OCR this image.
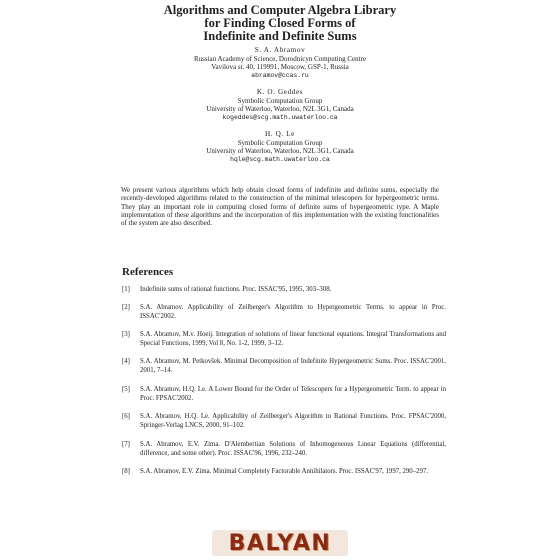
Algorithms and Computer Algebra Library
for Finding Closed Forms of
Indefinite and Definite Sums
S. A. Abramov
Russian Academy of Science, Dorodnicyn Computing Centre
Vavilova st. 40, 119991, Moscow, GSP-1, Russia
abramov@ccas.ru
K. O. Geddes
Symbolic Computation Group
University of Waterloo, Waterloo, N2L 3G1, Canada
kogeddes@scg.math.uwaterloo.ca
H. Q. Le
Symbolic Computation Group
University of Waterloo, Waterloo, N2L 3G1, Canada
hqle@scg.math.uwaterloo.ca
We present various algorithms which help obtain closed forms of indefinite and definite sums, especially the recently-developed algorithms related to the construction of the minimal telescopers for hypergeometric terms. They play an important role in computing closed forms of definite sums of hypergeometric type. A Maple implementation of these algorithms and the incorporation of this implementation with the existing functionalities of the system are also described.
References
[1] Indefinite sums of rational functions. Proc. ISSAC'95, 1995, 303–308.
[2] S.A. Abramov. Applicability of Zeilberger's Algorithm to Hypergeometric Terms. to appear in Proc. ISSAC'2002.
[3] S.A. Abramov, M.v. Hoeij. Integration of solutions of linear functional equations. Integral Transformations and Special Functions, 1999, Vol 8, No. 1-2, 1999, 3–12.
[4] S.A. Abramov, M. Petkovšek. Minimal Decomposition of Indefinite Hypergeometric Sums. Proc. ISSAC'2001, 2001, 7–14.
[5] S.A. Abramov, H.Q. Le. A Lower Bound for the Order of Telescopers for a Hypergeometric Term. to appear in Proc. FPSAC'2002.
[6] S.A. Abramov, H.Q. Le. Applicability of Zeilberger's Algorithm to Rational Functions. Proc. FPSAC'2000, Springer-Verlag LNCS, 2000, 91–102.
[7] S.A. Abramov, E.V. Zima. D'Alembertian Solutions of Inhomogeneous Linear Equations (differential, difference, and some other). Proc. ISSAC'96, 1996, 232–240.
[8] S.A. Abramov, E.V. Zima. Minimal Completely Factorable Annihilators. Proc. ISSAC'97, 1997, 290–297.
BALYAN
